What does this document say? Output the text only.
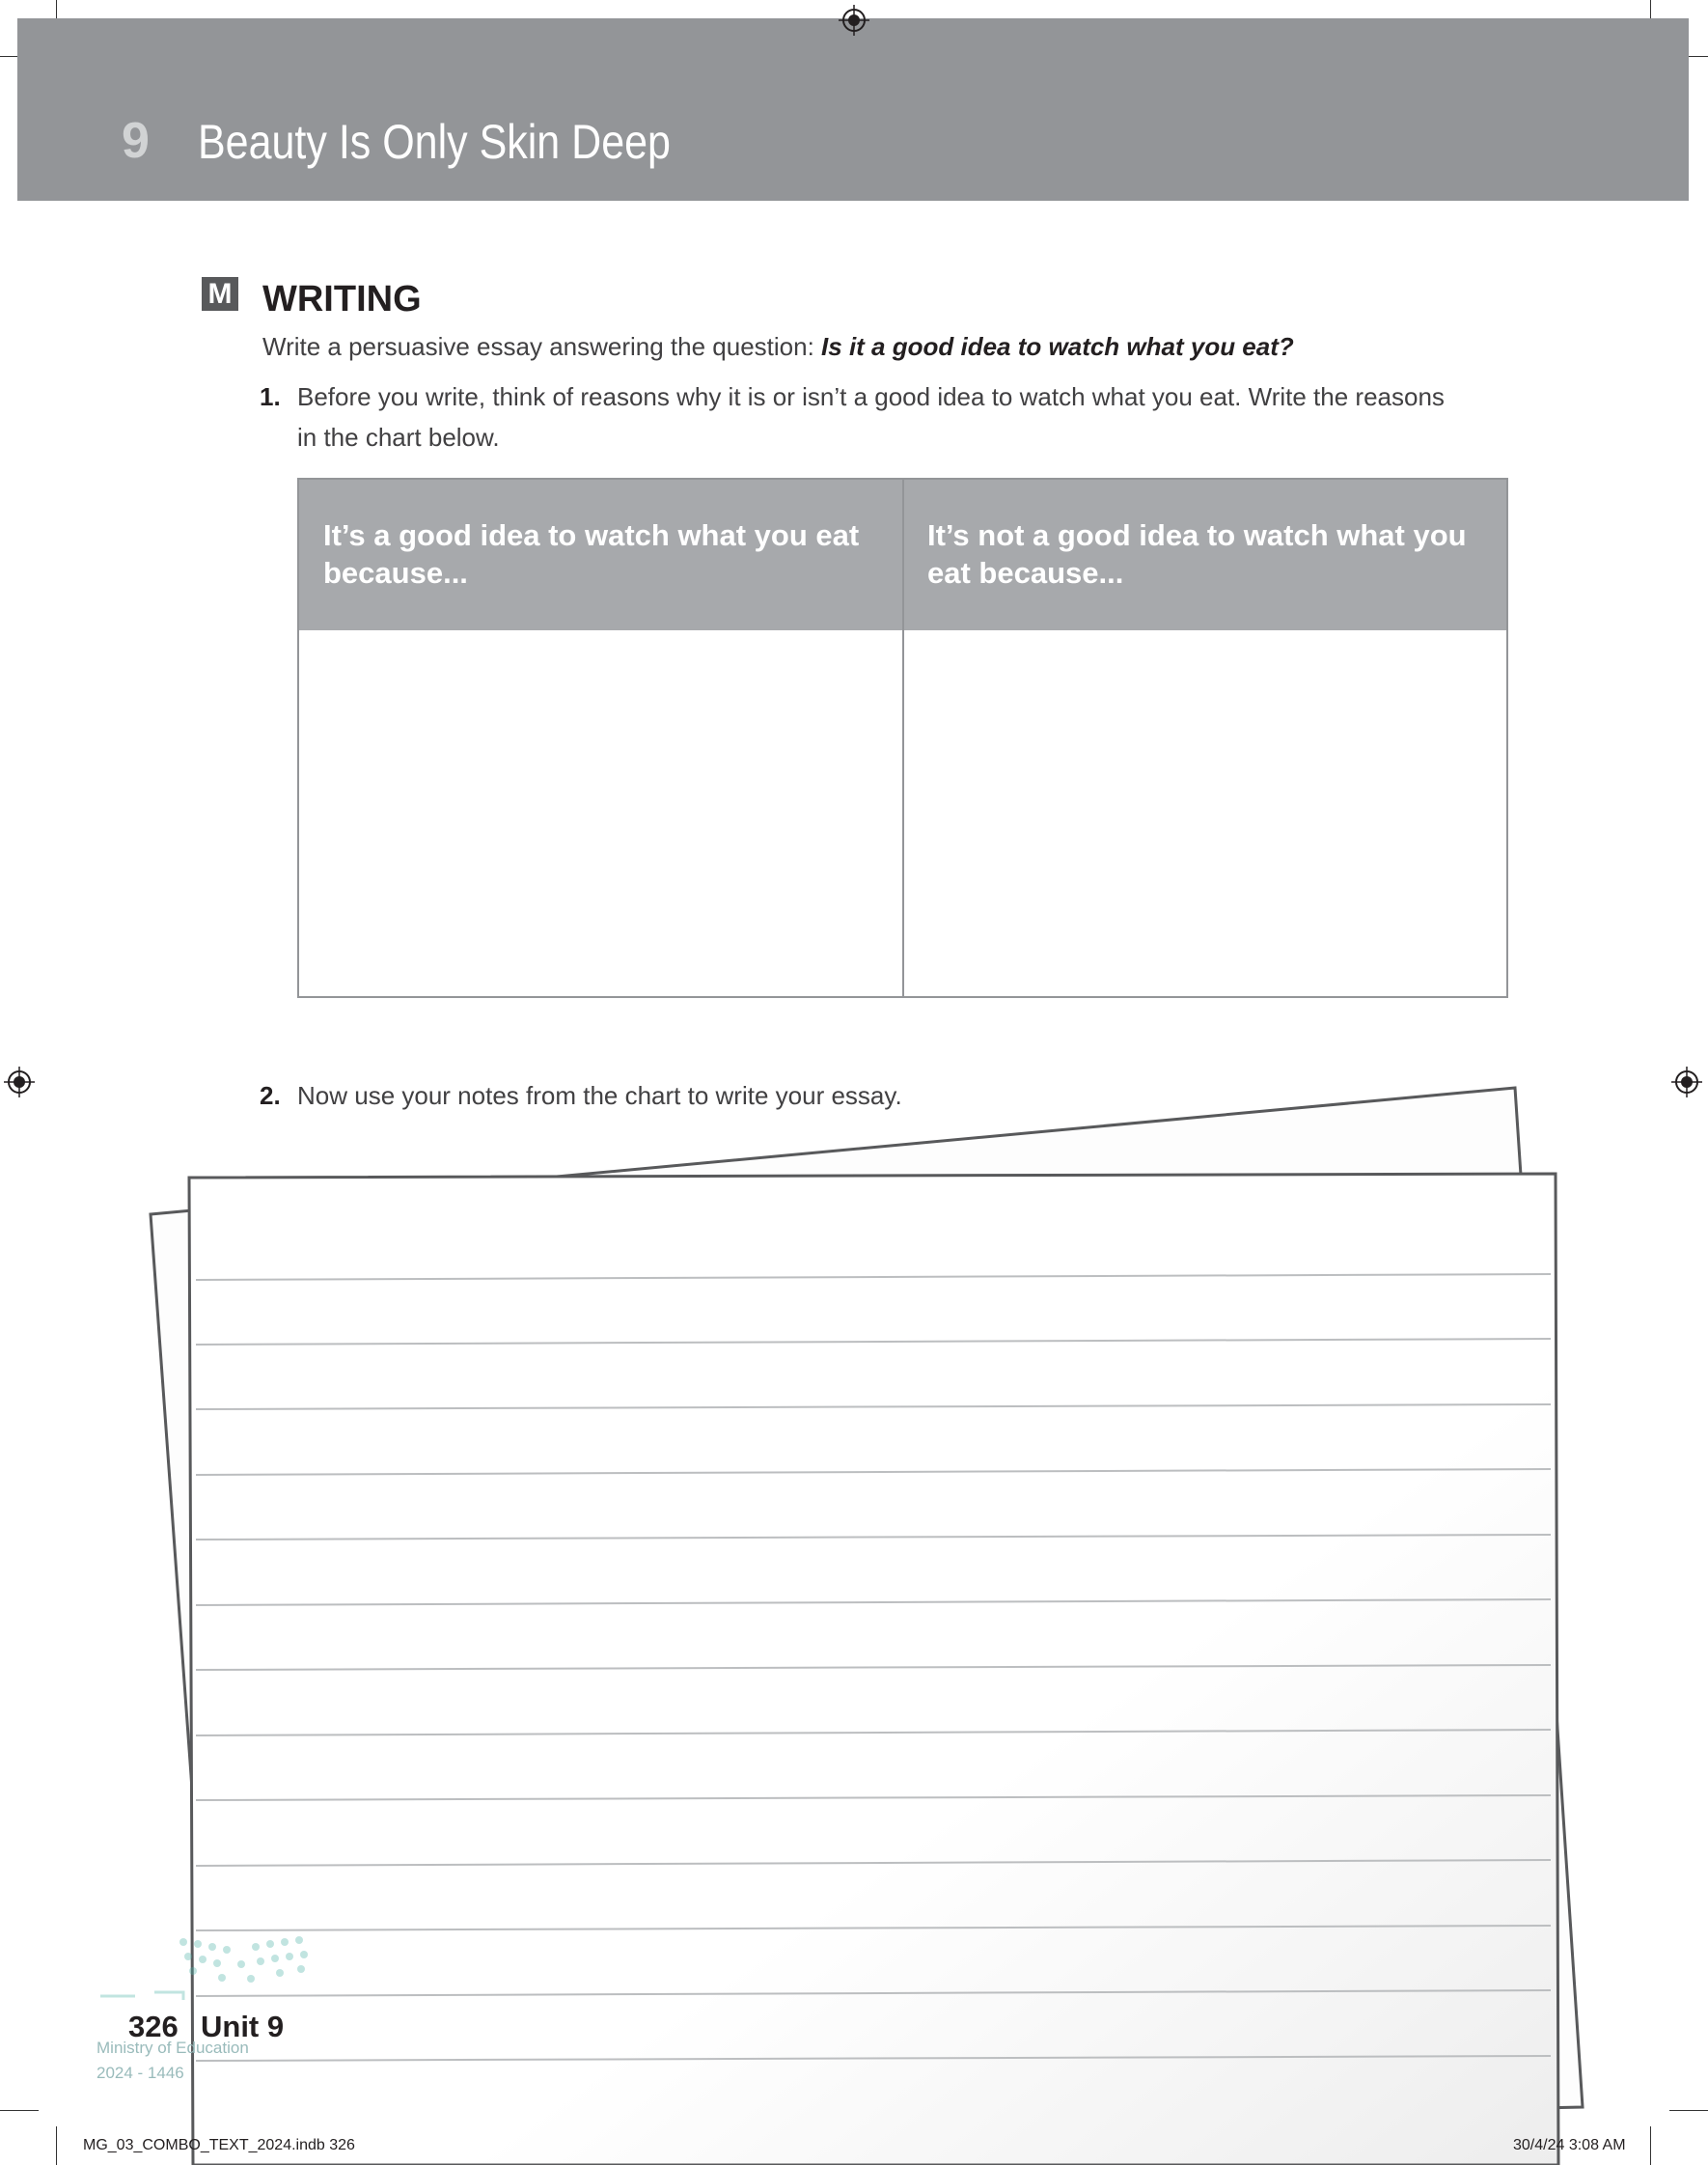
9 Beauty Is Only Skin Deep
M WRITING
Write a persuasive essay answering the question: Is it a good idea to watch what you eat?
1. Before you write, think of reasons why it is or isn’t a good idea to watch what you eat. Write the reasons
in the chart below.
It’s a good idea to watch what you eat
because...
It’s not a good idea to watch what you
eat because...
2. Now use your notes from the chart to write your essay.
Ministry of Education
2024 - 1446
326 Unit 9
MG_03_COMBO_TEXT_2024.indb 326	30/4/24 3:08 AM
